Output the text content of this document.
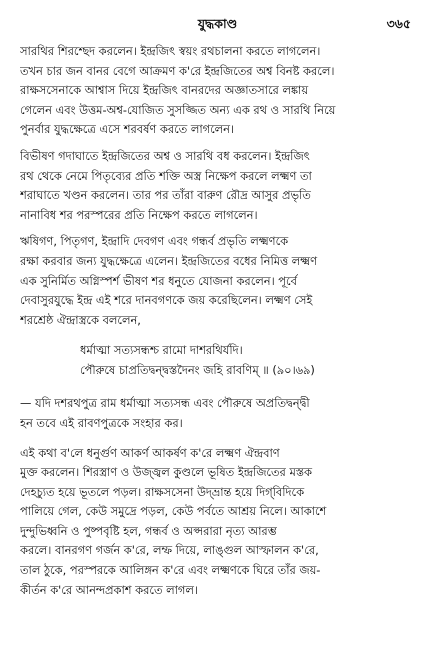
যুদ্ধকাণ্ড	৩৬৫
সারথির শিরশ্ছেদ করলেন। ইন্দ্রজিৎ স্বয়ং রথচালনা করতে লাগলেন।
তখন চার জন বানর বেগে আক্রমণ ক'রে ইন্দ্রজিতের অশ্ব বিনষ্ট করলে।
রাক্ষসসেনাকে আশ্বাস দিয়ে ইন্দ্রজিৎ বানরদের অজ্ঞাতসারে লঙ্কায়
গেলেন এবং উত্তম-অশ্ব-যোজিত সুসজ্জিত অন্য এক রথ ও সারথি নিয়ে
পুনর্বার যুদ্ধক্ষেত্রে এসে শরবর্ষণ করতে লাগলেন।
বিভীষণ গদাঘাতে ইন্দ্রজিতের অশ্ব ও সারথি বধ করলেন। ইন্দ্রজিৎ
রথ থেকে নেমে পিতৃব্যের প্রতি শক্তি অস্ত্র নিক্ষেপ করলে লক্ষ্মণ তা
শরাঘাতে খণ্ডন করলেন। তার পর তাঁরা বারুণ রৌদ্র আসুর প্রভৃতি
নানাবিধ শর পরস্পরের প্রতি নিক্ষেপ করতে লাগলেন।
ঋষিগণ, পিতৃগণ, ইন্দ্রাদি দেবগণ এবং গন্ধর্ব প্রভৃতি লক্ষ্মণকে
রক্ষা করবার জন্য যুদ্ধক্ষেত্রে এলেন। ইন্দ্রজিতের বধের নিমিত্ত লক্ষ্মণ
এক সুনির্মিত অগ্নিস্পর্শ ভীষণ শর ধনুতে যোজনা করলেন। পূর্বে
দেবাসুরযুদ্ধে ইন্দ্র এই শরে দানবগণকে জয় করেছিলেন। লক্ষ্মণ সেই
শরশ্রেষ্ঠ ঐন্দ্রাস্ত্রকে বললেন,
ধর্মাত্মা সত্যসন্ধশ্চ রামো দাশরথির্যদি।
পৌরুষে চাপ্রতিদ্বন্দ্বস্তদৈনং জহি রাবণিম্ ॥ (৯০।৬৯)
— যদি দশরথপুত্র রাম ধর্মাত্মা সত্যসন্ধ এবং পৌরুষে অপ্রতিদ্বন্দ্বী
হন তবে এই রাবণপুত্রকে সংহার কর।
এই কথা ব'লে ধনুর্গুণ আকর্ণ আকর্ষণ ক'রে লক্ষ্মণ ঐন্দ্রবাণ
মুক্ত করলেন। শিরস্ত্রাণ ও উজ্জ্বল কুণ্ডলে ভূষিত ইন্দ্রজিতের মস্তক
দেহচ্যুত হয়ে ভূতলে পড়ল। রাক্ষসসেনা উদ্‌ভ্রান্ত হয়ে দিগ্‌বিদিকে
পালিয়ে গেল, কেউ সমুদ্রে পড়ল, কেউ পর্বতে আশ্রয় নিলে। আকাশে
দুন্দুভিধ্বনি ও পুষ্পবৃষ্টি হল, গন্ধর্ব ও অপ্সরারা নৃত্য আরম্ভ
করলে। বানরগণ গর্জন ক'রে, লম্ফ দিয়ে, লাঙ্গুল আস্ফালন ক'রে,
তাল ঠুকে, পরস্পরকে আলিঙ্গন ক'রে এবং লক্ষ্মণকে ঘিরে তাঁর জয়-
কীর্তন ক'রে আনন্দপ্রকাশ করতে লাগল।
